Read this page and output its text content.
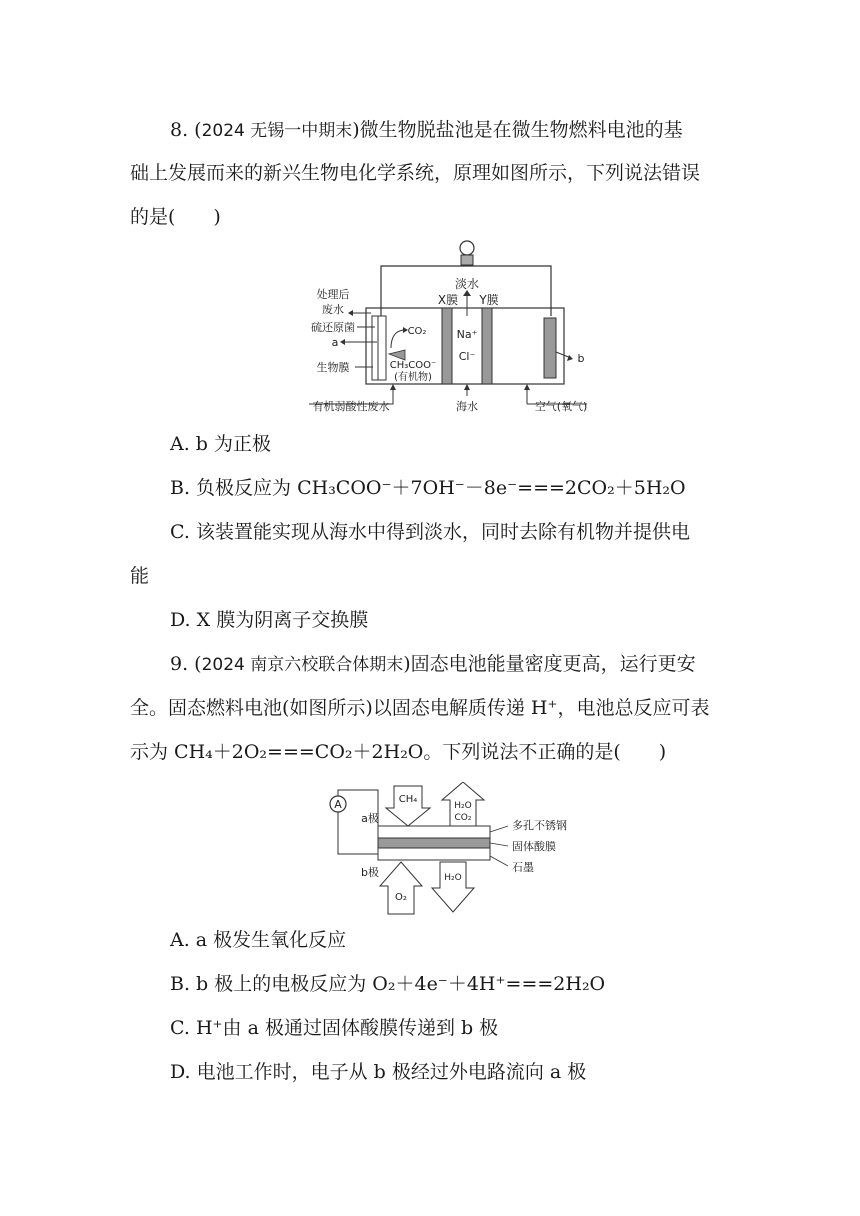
8. (2024 无锡一中期末)微生物脱盐池是在微生物燃料电池的基
础上发展而来的新兴生物电化学系统，原理如图所示，下列说法错误
的是(　　)
淡水
X膜 Y膜
处理后
废水
硫还原菌
a
生物膜
CO₂
CH₃COO⁻
(有机物)
Na⁺
Cl⁻	b
有机弱酸性废水	海水	空气(氧气)
A. b 为正极
B. 负极反应为 CH₃COO⁻＋7OH⁻－8e⁻===2CO₂＋5H₂O
C. 该装置能实现从海水中得到淡水，同时去除有机物并提供电
能
D. X 膜为阴离子交换膜
9. (2024 南京六校联合体期末)固态电池能量密度更高，运行更安
全。固态燃料电池(如图所示)以固态电解质传递 H⁺，电池总反应可表
示为 CH₄＋2O₂===CO₂＋2H₂O。下列说法不正确的是(　　)
A
a极
b极
CH₄
H₂O
CO₂
O₂
H₂O
多孔不锈钢
固体酸膜
石墨
A. a 极发生氧化反应
B. b 极上的电极反应为 O₂＋4e⁻＋4H⁺===2H₂O
C. H⁺由 a 极通过固体酸膜传递到 b 极
D. 电池工作时，电子从 b 极经过外电路流向 a 极
